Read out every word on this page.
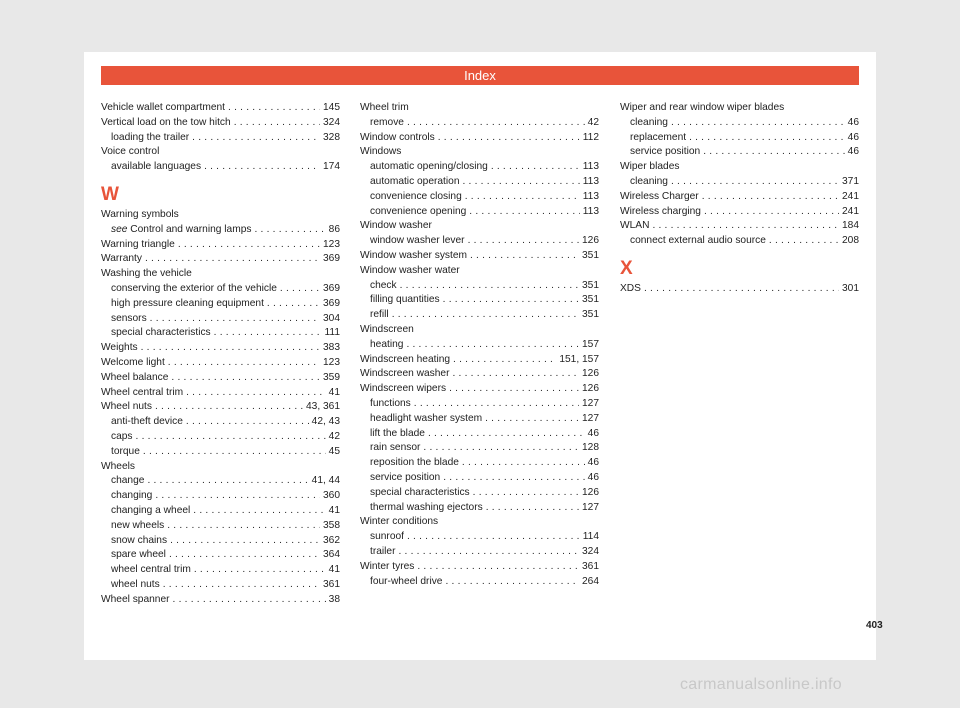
Index
Vehicle wallet compartment . . .	145
Vertical load on the tow hitch . . .	324
loading the trailer . . .	328
Voice control
available languages . . .	174
W
Warning symbols
see Control and warning lamps . . .	86
Warning triangle . . .	123
Warranty . . .	369
Washing the vehicle
conserving the exterior of the vehicle . . .	369
high pressure cleaning equipment . . .	369
sensors . . .	304
special characteristics . . .	111
Weights . . .	383
Welcome light . . .	123
Wheel balance . . .	359
Wheel central trim . . .	41
Wheel nuts . . .	43, 361
anti-theft device . . .	42, 43
caps . . .	42
torque . . .	45
Wheels
change . . .	41, 44
changing . . .	360
changing a wheel . . .	41
new wheels . . .	358
snow chains . . .	362
spare wheel . . .	364
wheel central trim . . .	41
wheel nuts . . .	361
Wheel spanner . . .	38
Wheel trim
remove . . .	42
Window controls . . .	112
Windows
automatic opening/closing . . .	113
automatic operation . . .	113
convenience closing . . .	113
convenience opening . . .	113
Window washer
window washer lever . . .	126
Window washer system . . .	351
Window washer water
check . . .	351
filling quantities . . .	351
refill . . .	351
Windscreen
heating . . .	157
Windscreen heating . . .	151, 157
Windscreen washer . . .	126
Windscreen wipers . . .	126
functions . . .	127
headlight washer system . . .	127
lift the blade . . .	46
rain sensor . . .	128
reposition the blade . . .	46
service position . . .	46
special characteristics . . .	126
thermal washing ejectors . . .	127
Winter conditions
sunroof . . .	114
trailer . . .	324
Winter tyres . . .	361
four-wheel drive . . .	264
Wiper and rear window wiper blades
cleaning . . .	46
replacement . . .	46
service position . . .	46
Wiper blades
cleaning . . .	371
Wireless Charger . . .	241
Wireless charging . . .	241
WLAN . . .	184
connect external audio source . . .	208
X
XDS . . .	301
403
carmanualsonline.info
